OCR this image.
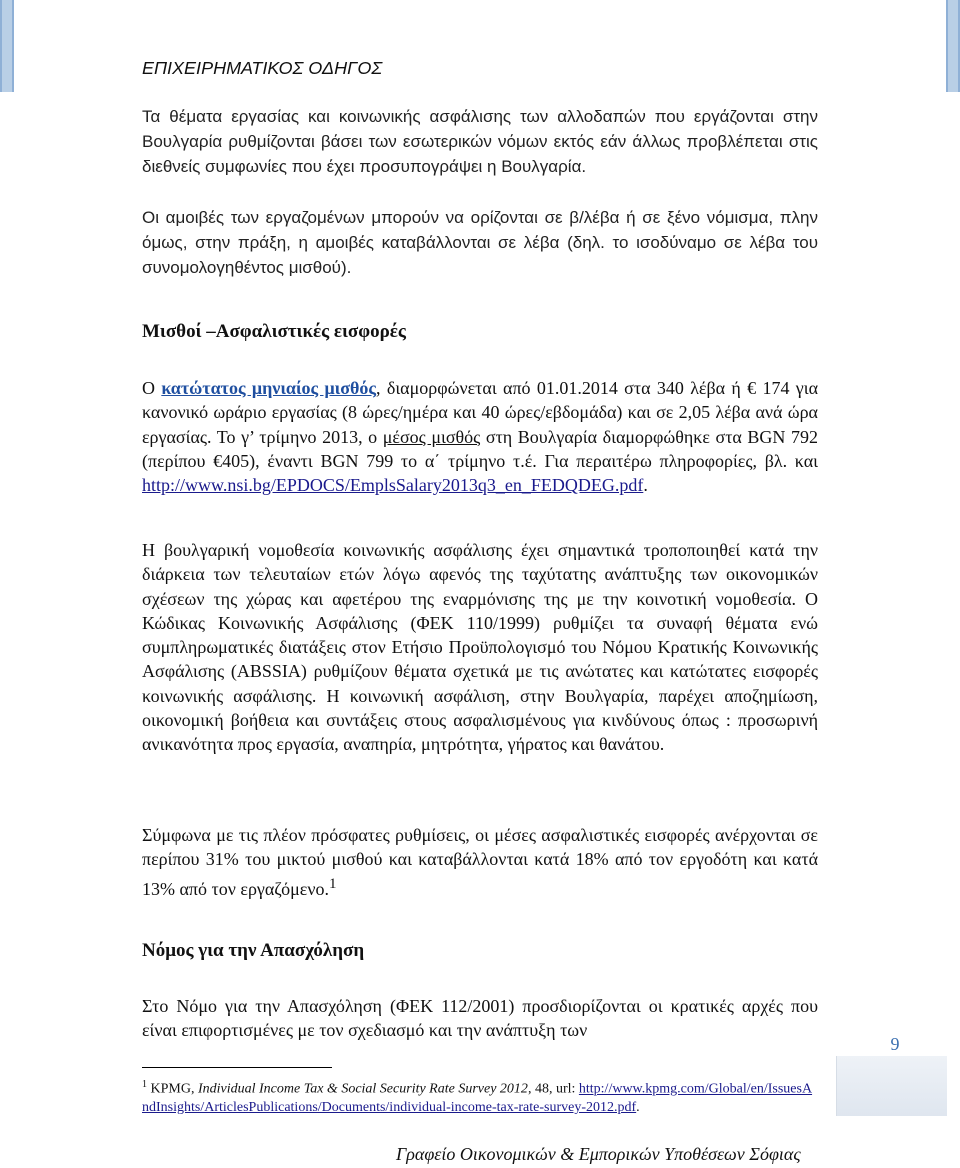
ΕΠΙΧΕΙΡΗΜΑΤΙΚΟΣ ΟΔΗΓΟΣ

Τα θέματα εργασίας και κοινωνικής ασφάλισης των αλλοδαπών που εργάζονται στην Βουλγαρία ρυθμίζονται βάσει των εσωτερικών νόμων εκτός εάν άλλως προβλέπεται στις διεθνείς συμφωνίες που έχει προσυπογράψει η Βουλγαρία.

Οι αμοιβές των εργαζομένων μπορούν να ορίζονται σε β/λέβα ή σε ξένο νόμισμα, πλην όμως, στην πράξη, η αμοιβές καταβάλλονται σε λέβα (δηλ. το ισοδύναμο σε λέβα του συνομολογηθέντος μισθού).

Μισθοί –Ασφαλιστικές εισφορές

Ο κατώτατος μηνιαίος μισθός, διαμορφώνεται από 01.01.2014 στα 340 λέβα ή € 174 για κανονικό ωράριο εργασίας (8 ώρες/ημέρα και 40 ώρες/εβδομάδα) και σε 2,05 λέβα ανά ώρα εργασίας. Το γ’ τρίμηνο 2013, ο μέσος μισθός στη Βουλγαρία διαμορφώθηκε στα BGN 792 (περίπου €405), έναντι BGN 799 το α΄ τρίμηνο τ.έ. Για περαιτέρω πληροφορίες, βλ. και http://www.nsi.bg/EPDOCS/EmplsSalary2013q3_en_FEDQDEG.pdf.

Η βουλγαρική νομοθεσία κοινωνικής ασφάλισης έχει σημαντικά τροποποιηθεί κατά την διάρκεια των τελευταίων ετών λόγω αφενός της ταχύτατης ανάπτυξης των οικονομικών σχέσεων της χώρας και αφετέρου της εναρμόνισης της με την κοινοτική νομοθεσία. Ο Κώδικας Κοινωνικής Ασφάλισης (ΦΕΚ 110/1999) ρυθμίζει τα συναφή θέματα ενώ συμπληρωματικές διατάξεις στον Ετήσιο Προϋπολογισμό του Νόμου Κρατικής Κοινωνικής Ασφάλισης (ABSSIA) ρυθμίζουν θέματα σχετικά με τις ανώτατες και κατώτατες εισφορές κοινωνικής ασφάλισης. Η κοινωνική ασφάλιση, στην Βουλγαρία, παρέχει αποζημίωση, οικονομική βοήθεια και συντάξεις στους ασφαλισμένους για κινδύνους όπως : προσωρινή ανικανότητα προς εργασία, αναπηρία, μητρότητα, γήρατος και θανάτου.

Σύμφωνα με τις πλέον πρόσφατες ρυθμίσεις, οι μέσες ασφαλιστικές εισφορές ανέρχονται σε περίπου 31% του μικτού μισθού και καταβάλλονται κατά 18% από τον εργοδότη και κατά 13% από τον εργαζόμενο.$^1$

Νόμος για την Απασχόληση

Στο Νόμο για την Απασχόληση (ΦΕΚ 112/2001) προσδιορίζονται οι κρατικές αρχές που είναι επιφορτισμένες με τον σχεδιασμό και την ανάπτυξη των

9
$^1$ KPMG, Individual Income Tax & Social Security Rate Survey 2012, 48, url: http://www.kpmg.com/Global/en/IssuesAndInsights/ArticlesPublications/Documents/individual-income-tax-rate-survey-2012.pdf.
Γραφείο Οικονομικών & Εμπορικών Υποθέσεων Σόφιας
